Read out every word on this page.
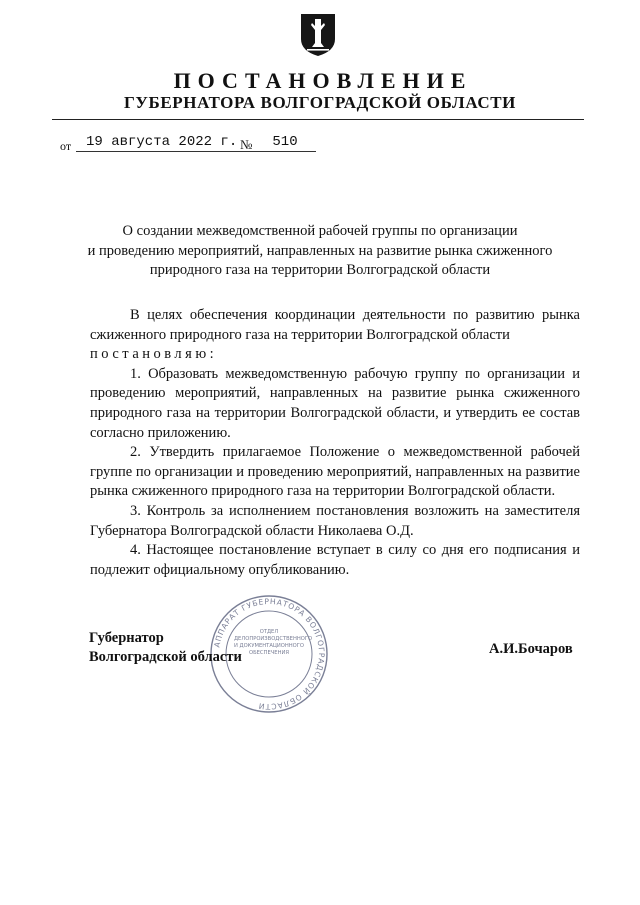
ПОСТАНОВЛЕНИЕ
ГУБЕРНАТОРА ВОЛГОГРАДСКОЙ ОБЛАСТИ
от 19 августа 2022 г. №	510
О создании межведомственной рабочей группы по организации
и проведению мероприятий, направленных на развитие рынка сжиженного
природного газа на территории Волгоградской области

В целях обеспечения координации деятельности по развитию рынка сжиженного природного газа на территории Волгоградской области

постановляю:

1. Образовать межведомственную рабочую группу по организации и проведению мероприятий, направленных на развитие рынка сжиженного природного газа на территории Волгоградской области, и утвердить ее состав согласно приложению.

2. Утвердить прилагаемое Положение о межведомственной рабочей группе по организации и проведению мероприятий, направленных на развитие рынка сжиженного природного газа на территории Волгоградской области.

3. Контроль за исполнением постановления возложить на заместителя Губернатора Волгоградской области Николаева О.Д.

4. Настоящее постановление вступает в силу со дня его подписания и подлежит официальному опубликованию.

АППАРАТ ГУБЕРНАТОРА ВОЛГОГРАДСКОЙ ОБЛАСТИ
ОТДЕЛ ДЕЛОПРОИЗВОДСТВЕННОГО И ДОКУМЕНТАЦИОННОГО ОБЕСПЕЧЕНИЯ
Губернатор
Волгоградской области	А.И.Бочаров
